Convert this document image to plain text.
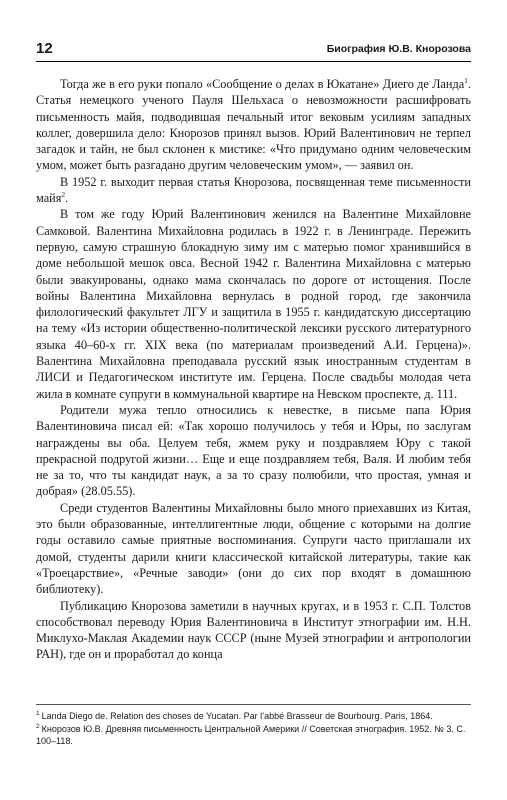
12	Биография Ю.В. Кнорозова

Тогда же в его руки попало «Сообщение о делах в Юкатане» Диего де Ланда$^1$. Статья немецкого ученого Пауля Шельхаса о невозможности расшифровать письменность майя, подводившая печальный итог вековым усилиям западных коллег, довершила дело: Кнорозов принял вызов. Юрий Валентинович не терпел загадок и тайн, не был склонен к мистике: «Что придумано одним человеческим умом, может быть разгадано другим человеческим умом», — заявил он.

В 1952 г. выходит первая статья Кнорозова, посвященная теме письменности майя$^2$.

В том же году Юрий Валентинович женился на Валентине Михайловне Самковой. Валентина Михайловна родилась в 1922 г. в Ленинграде. Пережить первую, самую страшную блокадную зиму им с матерью помог хранившийся в доме небольшой мешок овса. Весной 1942 г. Валентина Михайловна с матерью были эвакуированы, однако мама скончалась по дороге от истощения. После войны Валентина Михайловна вернулась в родной город, где закончила филологический факультет ЛГУ и защитила в 1955 г. кандидатскую диссертацию на тему «Из истории общественно-политической лексики русского литературного языка 40–60-х гг. XIX века (по материалам произведений А.И. Герцена)». Валентина Михайловна преподавала русский язык иностранным студентам в ЛИСИ и Педагогическом институте им. Герцена. После свадьбы молодая чета жила в комнате супруги в коммунальной квартире на Невском проспекте, д. 111.

Родители мужа тепло относились к невестке, в письме папа Юрия Валентиновича писал ей: «Так хорошо получилось у тебя и Юры, по заслугам награждены вы оба. Целуем тебя, жмем руку и поздравляем Юру с такой прекрасной подругой жизни… Еще и еще поздравляем тебя, Валя. И любим тебя не за то, что ты кандидат наук, а за то сразу полюбили, что простая, умная и добрая» (28.05.55).

Среди студентов Валентины Михайловны было много приехавших из Китая, это были образованные, интеллигентные люди, общение с которыми на долгие годы оставило самые приятные воспоминания. Супруги часто приглашали их домой, студенты дарили книги классической китайской литературы, такие как «Троецарствие», «Речные заводи» (они до сих пор входят в домашнюю библиотеку).

Публикацию Кнорозова заметили в научных кругах, и в 1953 г. С.П. Толстов способствовал переводу Юрия Валентиновича в Институт этнографии им. Н.Н. Миклухо-Маклая Академии наук СССР (ныне Музей этнографии и антропологии РАН), где он и проработал до конца

$^1$ Landa Diego de. Relation des choses de Yucatan. Par l’abbé Brasseur de Bourbourg. Paris, 1864.

$^2$ Кнорозов Ю.В. Древняя письменность Центральной Америки // Советская этнография. 1952. № 3. С. 100–118.
